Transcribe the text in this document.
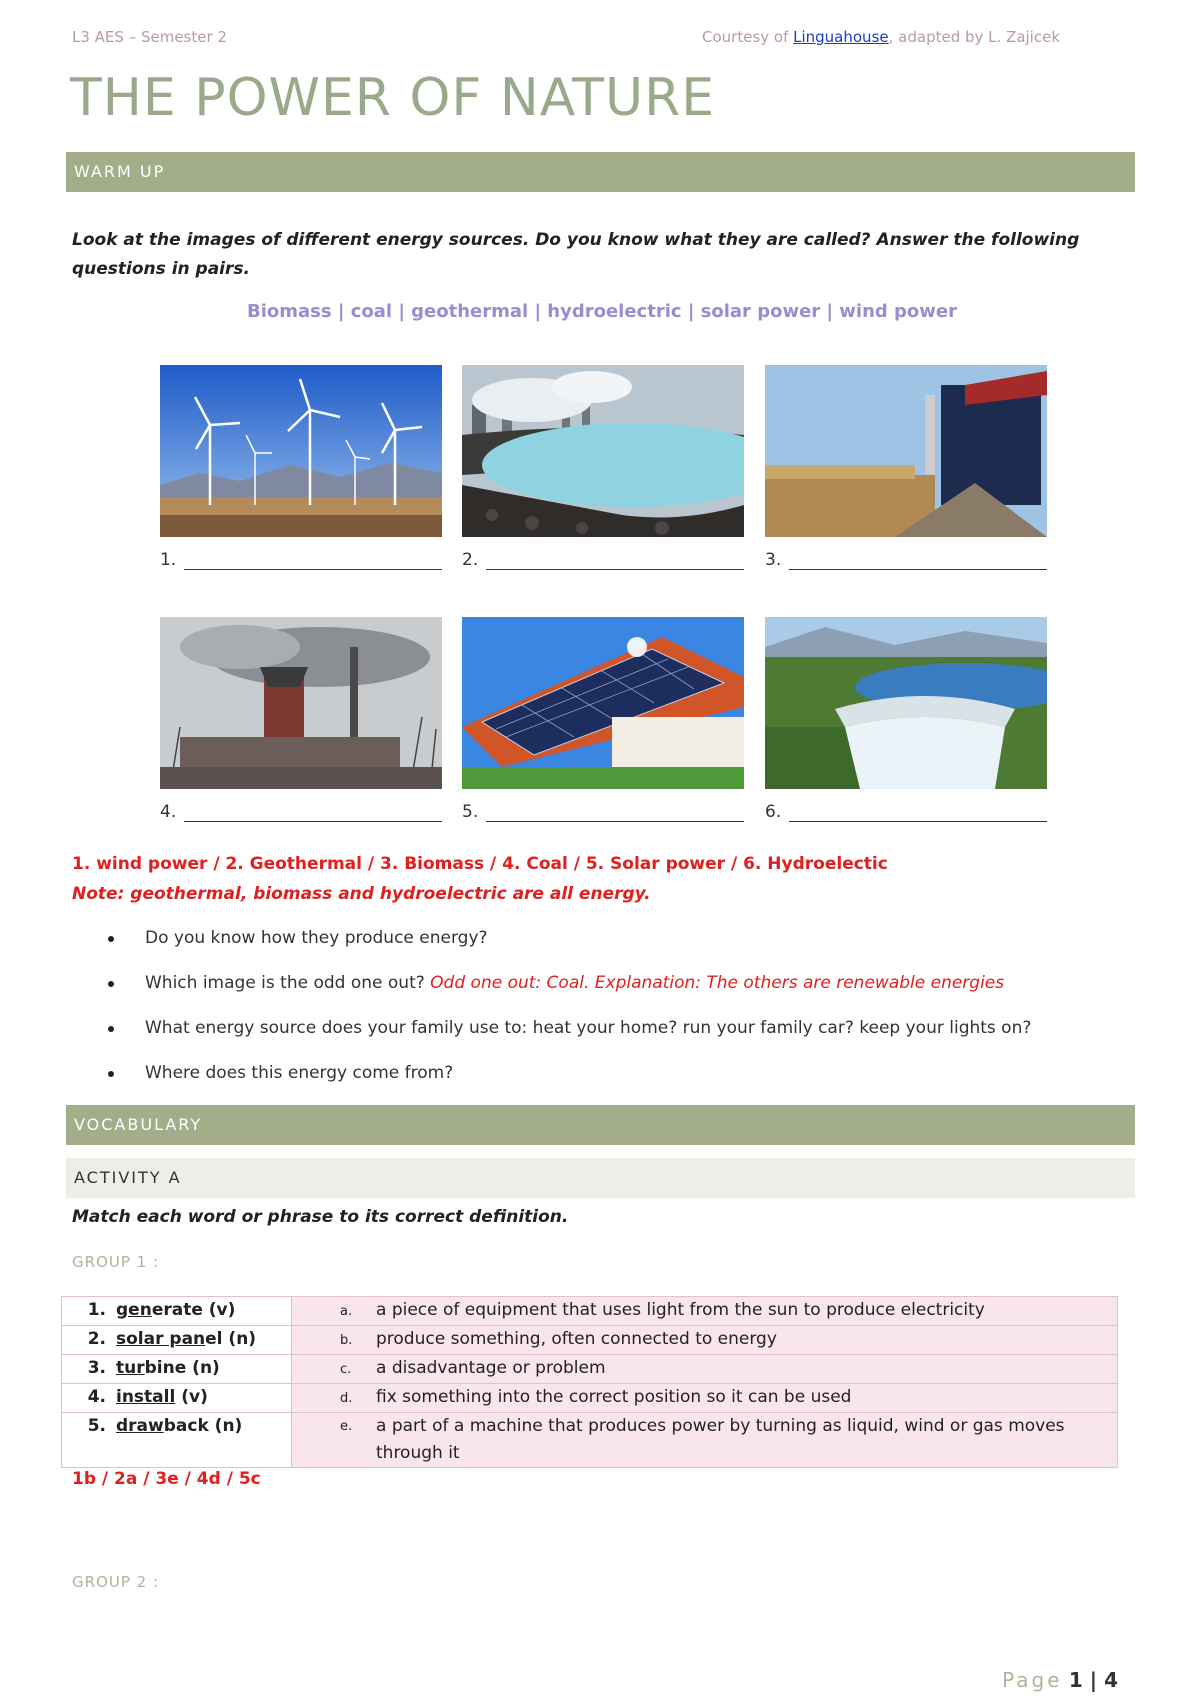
L3 AES – Semester 2	Courtesy of Linguahouse, adapted by L. Zajicek
THE POWER OF NATURE
WARM UP
Look at the images of different energy sources. Do you know what they are called? Answer the following questions in pairs.
Biomass | coal | geothermal | hydroelectric | solar power | wind power
1.	2.	3.
4.	5.	6.
1. wind power / 2. Geothermal / 3. Biomass / 4. Coal / 5. Solar power / 6. Hydroelectic
Note: geothermal, biomass and hydroelectric are all energy.
Do you know how they produce energy?
Which image is the odd one out? Odd one out: Coal. Explanation: The others are renewable energies
What energy source does your family use to: heat your home? run your family car? keep your lights on?
Where does this energy come from?
VOCABULARY
ACTIVITY A
Match each word or phrase to its correct definition.
GROUP 1 :
1. generate (v)	a. a piece of equipment that uses light from the sun to produce electricity
2. solar panel (n)	b. produce something, often connected to energy
3. turbine (n)	c. a disadvantage or problem
4. install (v)	d. fix something into the correct position so it can be used
5. drawback (n)	e. a part of a machine that produces power by turning as liquid, wind or gas moves through it
1b / 2a / 3e / 4d / 5c
GROUP 2 :
Page 1 | 4
